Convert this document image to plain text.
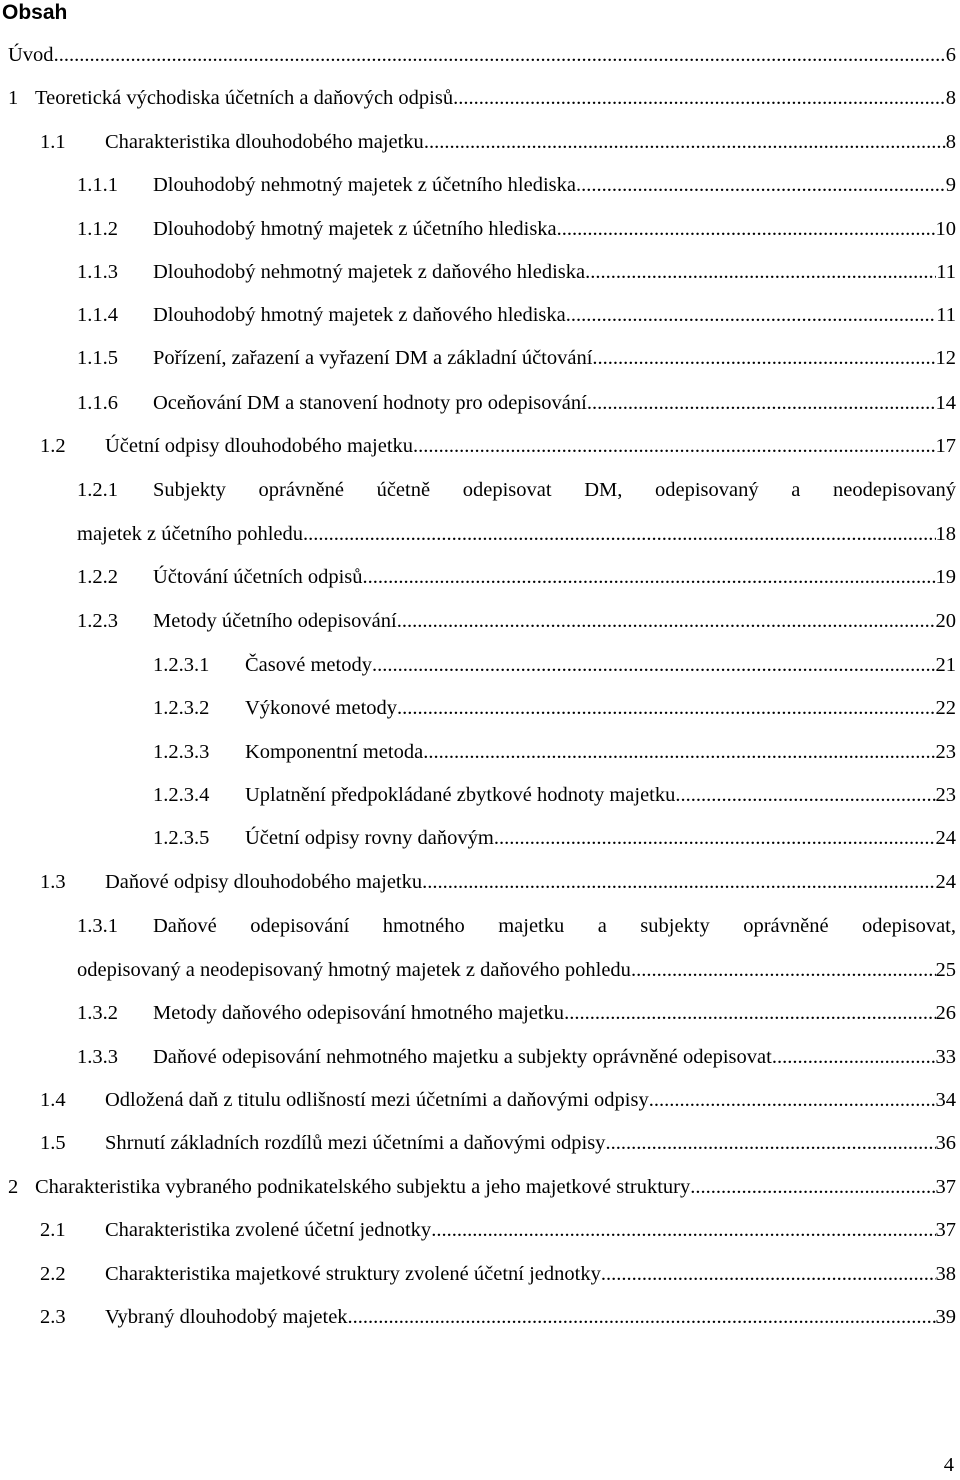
Obsah
Úvod .....	6
1 Teoretická východiska účetních a daňových odpisů .....	8
1.1 Charakteristika dlouhodobého majetku .....	8
1.1.1 Dlouhodobý nehmotný majetek z účetního hlediska .....	9
1.1.2 Dlouhodobý hmotný majetek z účetního hlediska .....	10
1.1.3 Dlouhodobý nehmotný majetek z daňového hlediska .....	11
1.1.4 Dlouhodobý hmotný majetek z daňového hlediska .....	11
1.1.5 Pořízení, zařazení a vyřazení DM a základní účtování .....	12
1.1.6 Oceňování DM a stanovení hodnoty pro odepisování .....	14
1.2 Účetní odpisy dlouhodobého majetku .....	17
1.2.1 Subjekty oprávněné účetně odepisovat DM, odepisovaný a neodepisovaný
majetek z účetního pohledu .....	18
1.2.2 Účtování účetních odpisů .....	19
1.2.3 Metody účetního odepisování .....	20
1.2.3.1 Časové metody .....	21
1.2.3.2 Výkonové metody .....	22
1.2.3.3 Komponentní metoda .....	23
1.2.3.4 Uplatnění předpokládané zbytkové hodnoty majetku .....	23
1.2.3.5 Účetní odpisy rovny daňovým .....	24
1.3 Daňové odpisy dlouhodobého majetku .....	24
1.3.1 Daňové odepisování hmotného majetku a subjekty oprávněné odepisovat,
odepisovaný a neodepisovaný hmotný majetek z daňového pohledu .....	25
1.3.2 Metody daňového odepisování hmotného majetku .....	26
1.3.3 Daňové odepisování nehmotného majetku a subjekty oprávněné odepisovat .....	33
1.4 Odložená daň z titulu odlišností mezi účetními a daňovými odpisy .....	34
1.5 Shrnutí základních rozdílů mezi účetními a daňovými odpisy .....	36
2 Charakteristika vybraného podnikatelského subjektu a jeho majetkové struktury .....	37
2.1 Charakteristika zvolené účetní jednotky .....	37
2.2 Charakteristika majetkové struktury zvolené účetní jednotky .....	38
2.3 Vybraný dlouhodobý majetek .....	39
4
